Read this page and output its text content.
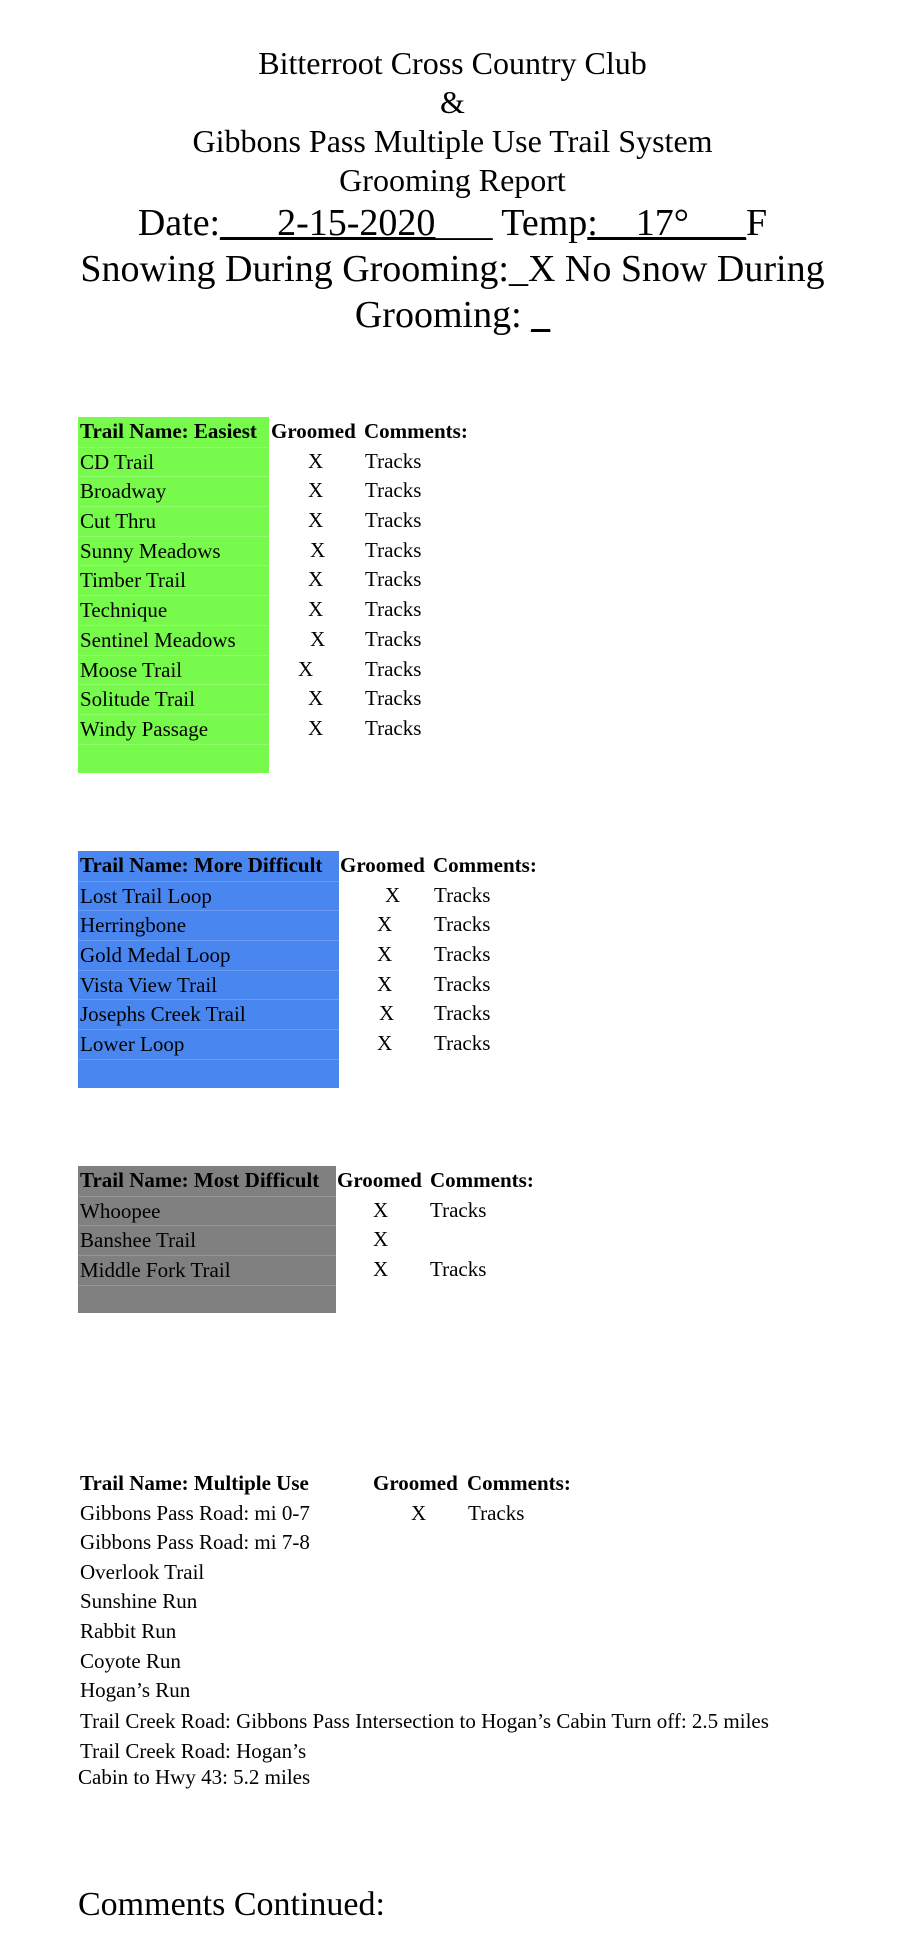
Bitterroot Cross Country Club
&
Gibbons Pass Multiple Use Trail System
Grooming Report
Date:___2-15-2020___ Temp:__17°___F
Snowing During Grooming:_X No Snow During
Grooming: _
Trail Name: Easiest Groomed Comments:
CD Trail	X Tracks
Broadway	X Tracks
Cut Thru	X Tracks
Sunny Meadows	X Tracks
Timber Trail	X Tracks
Technique	X Tracks
Sentinel Meadows	X Tracks
Moose Trail	X Tracks
Solitude Trail	X Tracks
Windy Passage	X Tracks
Trail Name: More Difficult Groomed Comments:
Lost Trail Loop	X Tracks
Herringbone	X Tracks
Gold Medal Loop	X Tracks
Vista View Trail	X Tracks
Josephs Creek Trail	X Tracks
Lower Loop	X Tracks
Trail Name: Most Difficult Groomed Comments:
Whoopee	X Tracks
Banshee Trail	X
Middle Fork Trail	X Tracks
Trail Name: Multiple Use	Groomed Comments:
Gibbons Pass Road: mi 0-7	X Tracks
Gibbons Pass Road: mi 7-8
Overlook Trail
Sunshine Run
Rabbit Run
Coyote Run
Hogan’s Run
Trail Creek Road: Gibbons Pass Intersection to Hogan’s Cabin Turn off: 2.5 miles
Trail Creek Road: Hogan’s Cabin to Hwy 43: 5.2 miles
Comments Continued:
